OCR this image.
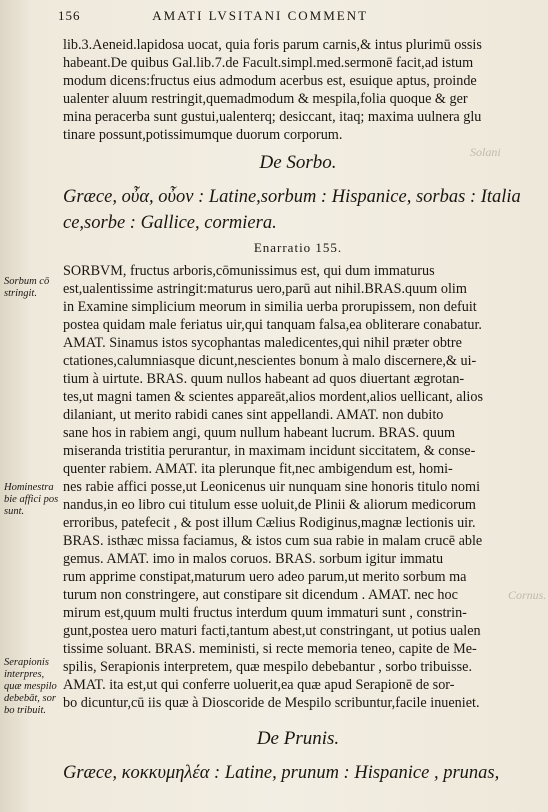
156	AMATI LVSITANI COMMENT
Cornus.
Solani
lib.3.Aeneid.lapidosa uocat, quia foris parum carnis,& intus plurimū ossis
habeant.De quibus Gal.lib.7.de Facult.simpl.med.sermonē facit,ad istum
modum dicens:fructus eius admodum acerbus est, esuique aptus, proinde
ualenter aluum restringit,quemadmodum & mespila,folia quoque & ger
mina peracerba sunt gustui,ualenterq; desiccant, itaq; maxima uulnera glu
tinare possunt,potissimumque duorum corporum.
De Sorbo.
Græce, οὖα, οὖον : Latine,sorbum : Hispanice, sorbas : Italia
ce,sorbe : Gallice, cormiera.
Enarratio 155.
SORBVM, fructus arboris,cōmunissimus est, qui dum immaturus
est,ualentissime astringit:maturus uero,parū aut nihil.BRAS.quum olim
in Examine simplicium meorum in similia uerba prorupissem, non defuit
postea quidam male feriatus uir,qui tanquam falsa,ea obliterare conabatur.
AMAT. Sinamus istos sycophantas maledicentes,qui nihil præter obtre
ctationes,calumniasque dicunt,nescientes bonum à malo discernere,& ui-
tium à uirtute. BRAS. quum nullos habeant ad quos diuertant ægrotan-
tes,ut magni tamen & scientes appareāt,alios mordent,alios uellicant, alios
dilaniant, ut merito rabidi canes sint appellandi. AMAT. non dubito
sane hos in rabiem angi, quum nullum habeant lucrum. BRAS. quum
miseranda tristitia perurantur, in maximam incidunt siccitatem, & conse-
quenter rabiem. AMAT. ita plerunque fit,nec ambigendum est, homi-
nes rabie affici posse,ut Leonicenus uir nunquam sine honoris titulo nomi
nandus,in eo libro cui titulum esse uoluit,de Plinii & aliorum medicorum
erroribus, patefecit , & post illum Cælius Rodiginus,magnæ lectionis uir.
BRAS. isthæc missa faciamus, & istos cum sua rabie in malam crucē able
gemus. AMAT. imo in malos coruos. BRAS. sorbum igitur immatu
rum apprime constipat,maturum uero adeo parum,ut merito sorbum ma
turum non constringere, aut constipare sit dicendum . AMAT. nec hoc
mirum est,quum multi fructus interdum quum immaturi sunt , constrin-
gunt,postea uero maturi facti,tantum abest,ut constringant, ut potius ualen
tissime soluant. BRAS. meministi, si recte memoria teneo, capite de Me-
spilis, Serapionis interpretem, quæ mespilo debebantur , sorbo tribuisse.
AMAT. ita est,ut qui conferre uoluerit,ea quæ apud Serapionē de sor-
bo dicuntur,cū iis quæ à Dioscoride de Mespilo scribuntur,facile inueniet.
De Prunis.
Græce, κοκκυμηλέα : Latine, prunum : Hispanice , prunas,
Sorbum cō
stringit.
Hominestra
bie affici pos
sunt.
Serapionis
interpres,
quæ mespilo
debebāt, sor
bo tribuit.
